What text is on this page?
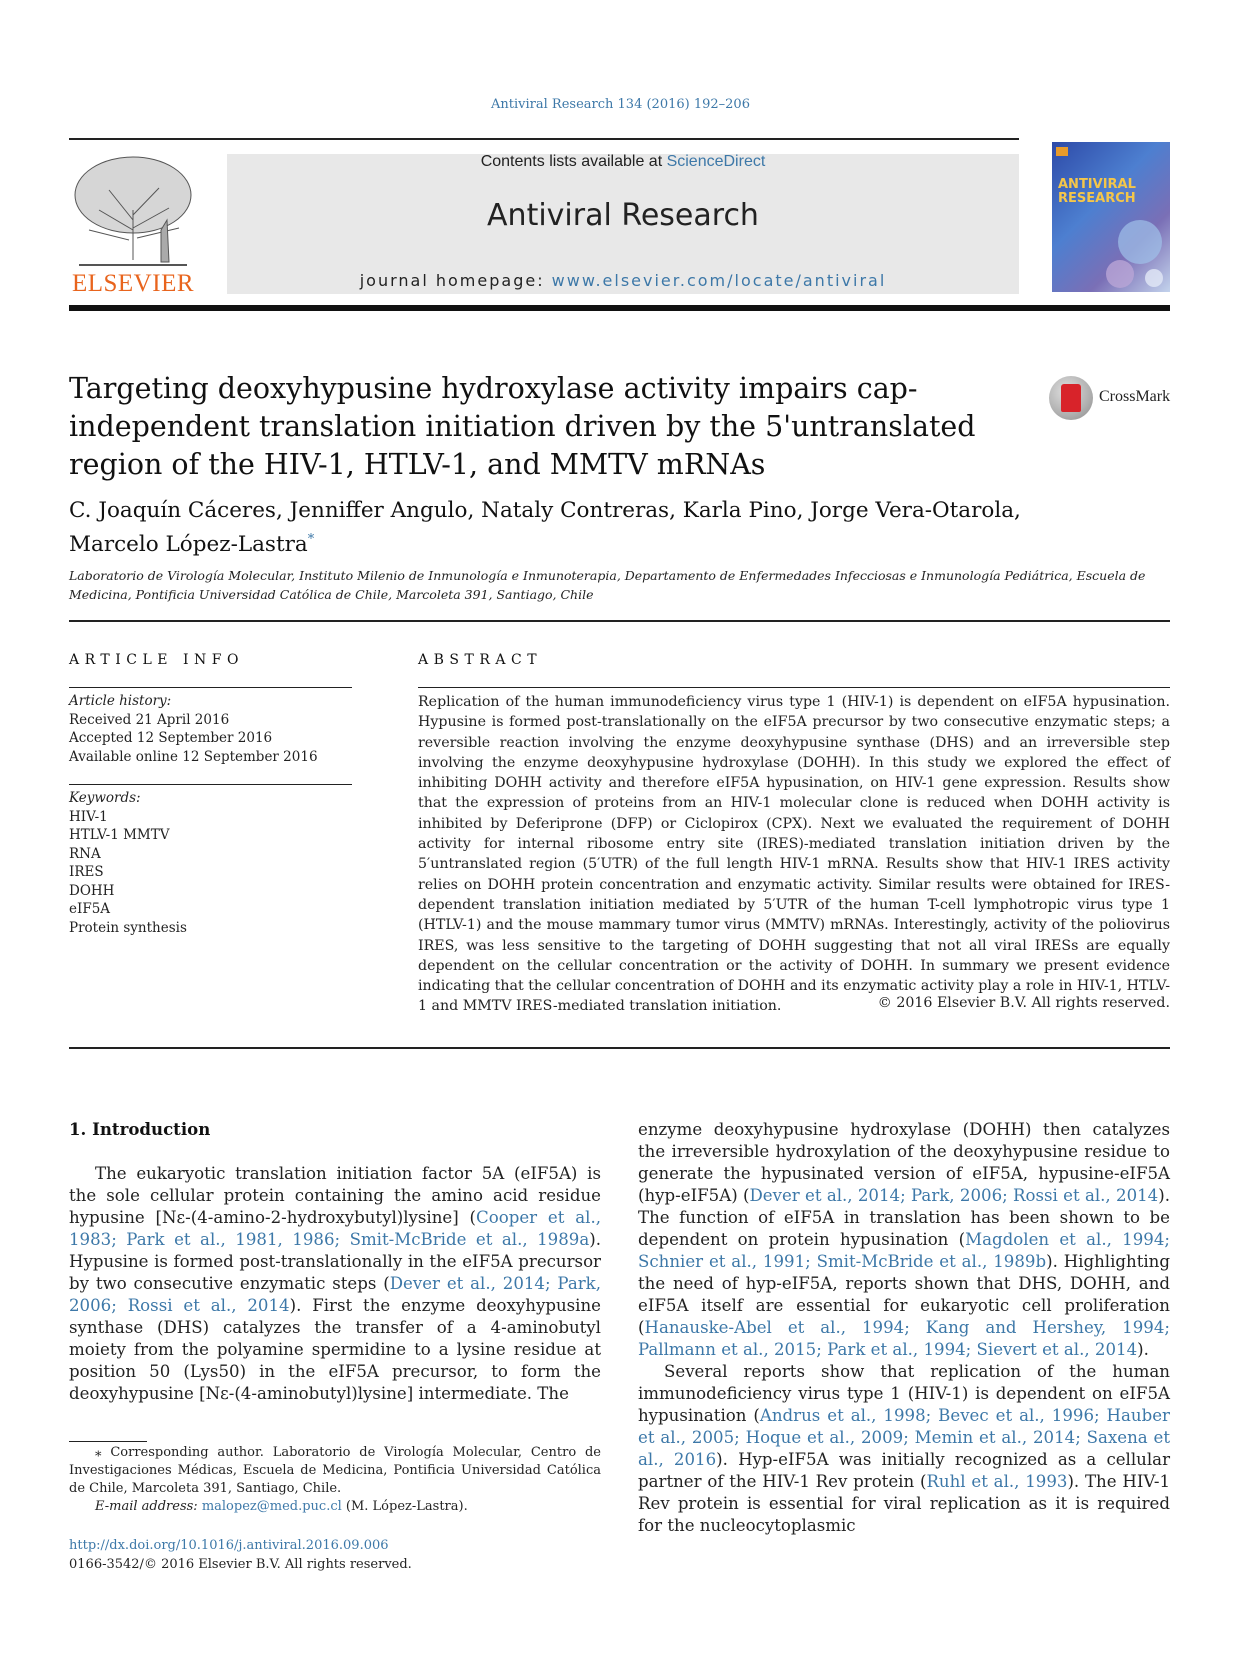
Antiviral Research 134 (2016) 192–206
ELSEVIER
Contents lists available at ScienceDirect
Antiviral Research
journal homepage: www.elsevier.com/locate/antiviral
ANTIVIRAL RESEARCH
Targeting deoxyhypusine hydroxylase activity impairs cap-independent translation initiation driven by the 5'untranslated region of the HIV-1, HTLV-1, and MMTV mRNAs
CrossMark
C. Joaquín Cáceres, Jenniffer Angulo, Nataly Contreras, Karla Pino, Jorge Vera-Otarola, Marcelo López-Lastra*
Laboratorio de Virología Molecular, Instituto Milenio de Inmunología e Inmunoterapia, Departamento de Enfermedades Infecciosas e Inmunología Pediátrica, Escuela de Medicina, Pontificia Universidad Católica de Chile, Marcoleta 391, Santiago, Chile
ARTICLE INFO
Article history:
Received 21 April 2016
Accepted 12 September 2016
Available online 12 September 2016
Keywords:
HIV-1
HTLV-1 MMTV
RNA
IRES
DOHH
eIF5A
Protein synthesis
ABSTRACT
Replication of the human immunodeficiency virus type 1 (HIV-1) is dependent on eIF5A hypusination. Hypusine is formed post-translationally on the eIF5A precursor by two consecutive enzymatic steps; a reversible reaction involving the enzyme deoxyhypusine synthase (DHS) and an irreversible step involving the enzyme deoxyhypusine hydroxylase (DOHH). In this study we explored the effect of inhibiting DOHH activity and therefore eIF5A hypusination, on HIV-1 gene expression. Results show that the expression of proteins from an HIV-1 molecular clone is reduced when DOHH activity is inhibited by Deferiprone (DFP) or Ciclopirox (CPX). Next we evaluated the requirement of DOHH activity for internal ribosome entry site (IRES)-mediated translation initiation driven by the 5′untranslated region (5′UTR) of the full length HIV-1 mRNA. Results show that HIV-1 IRES activity relies on DOHH protein concentration and enzymatic activity. Similar results were obtained for IRES-dependent translation initiation mediated by 5′UTR of the human T-cell lymphotropic virus type 1 (HTLV-1) and the mouse mammary tumor virus (MMTV) mRNAs. Interestingly, activity of the poliovirus IRES, was less sensitive to the targeting of DOHH suggesting that not all viral IRESs are equally dependent on the cellular concentration or the activity of DOHH. In summary we present evidence indicating that the cellular concentration of DOHH and its enzymatic activity play a role in HIV-1, HTLV-1 and MMTV IRES-mediated translation initiation.	© 2016 Elsevier B.V. All rights reserved.
1. Introduction

The eukaryotic translation initiation factor 5A (eIF5A) is the sole cellular protein containing the amino acid residue hypusine [Nε-(4-amino-2-hydroxybutyl)lysine] (Cooper et al., 1983; Park et al., 1981, 1986; Smit-McBride et al., 1989a). Hypusine is formed post-translationally in the eIF5A precursor by two consecutive enzymatic steps (Dever et al., 2014; Park, 2006; Rossi et al., 2014). First the enzyme deoxyhypusine synthase (DHS) catalyzes the transfer of a 4-aminobutyl moiety from the polyamine spermidine to a lysine residue at position 50 (Lys50) in the eIF5A precursor, to form the deoxyhypusine [Nε-(4-aminobutyl)lysine] intermediate. The

enzyme deoxyhypusine hydroxylase (DOHH) then catalyzes the irreversible hydroxylation of the deoxyhypusine residue to generate the hypusinated version of eIF5A, hypusine-eIF5A (hyp-eIF5A) (Dever et al., 2014; Park, 2006; Rossi et al., 2014). The function of eIF5A in translation has been shown to be dependent on protein hypusination (Magdolen et al., 1994; Schnier et al., 1991; Smit-McBride et al., 1989b). Highlighting the need of hyp-eIF5A, reports shown that DHS, DOHH, and eIF5A itself are essential for eukaryotic cell proliferation (Hanauske-Abel et al., 1994; Kang and Hershey, 1994; Pallmann et al., 2015; Park et al., 1994; Sievert et al., 2014).

Several reports show that replication of the human immunodeficiency virus type 1 (HIV-1) is dependent on eIF5A hypusination (Andrus et al., 1998; Bevec et al., 1996; Hauber et al., 2005; Hoque et al., 2009; Memin et al., 2014; Saxena et al., 2016). Hyp-eIF5A was initially recognized as a cellular partner of the HIV-1 Rev protein (Ruhl et al., 1993). The HIV-1 Rev protein is essential for viral replication as it is required for the nucleocytoplasmic

⁎ Corresponding author. Laboratorio de Virología Molecular, Centro de Investigaciones Médicas, Escuela de Medicina, Pontificia Universidad Católica de Chile, Marcoleta 391, Santiago, Chile.
E-mail address: malopez@med.puc.cl (M. López-Lastra).
http://dx.doi.org/10.1016/j.antiviral.2016.09.006
0166-3542/© 2016 Elsevier B.V. All rights reserved.
